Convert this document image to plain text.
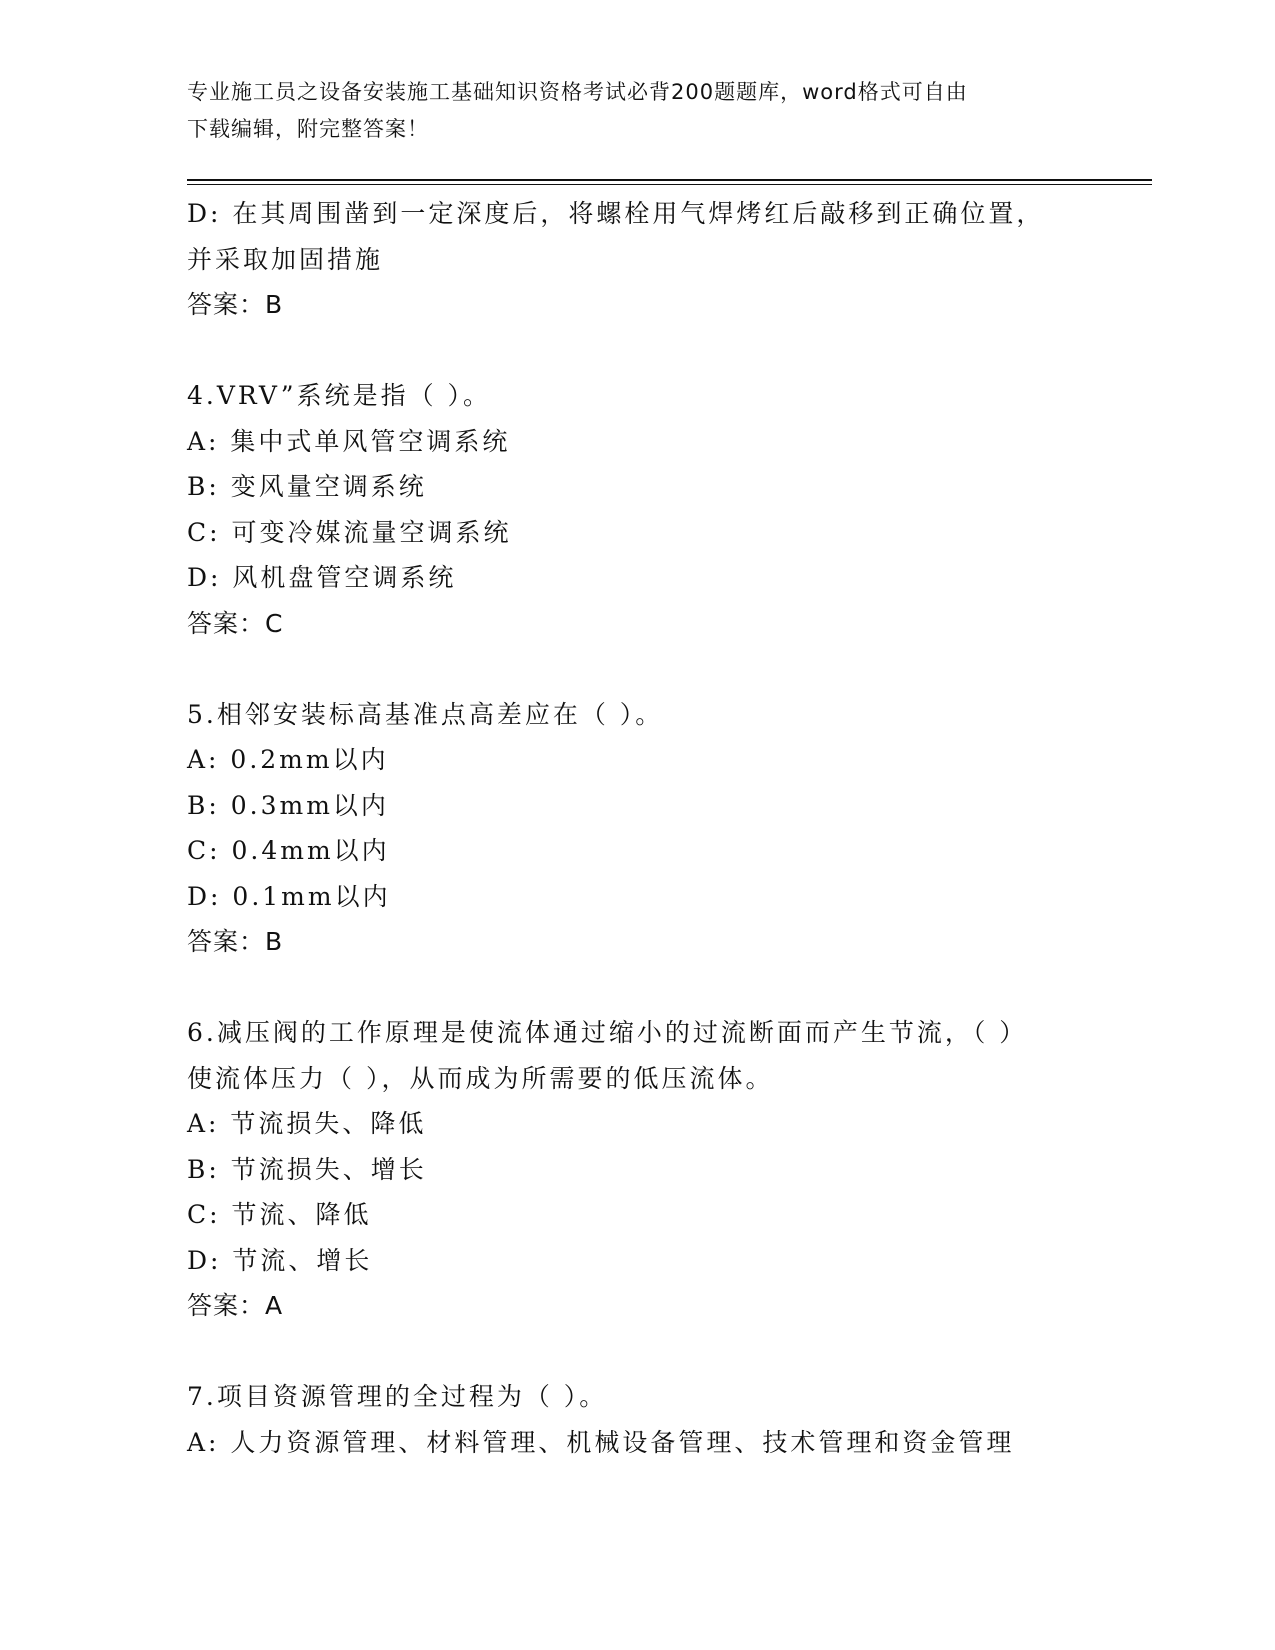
专业施工员之设备安装施工基础知识资格考试必背200题题库，word格式可自由
下载编辑，附完整答案！
D: 在其周围凿到一定深度后，将螺栓用气焊烤红后敲移到正确位置，
并采取加固措施
答案：B
4.VRV”系统是指（ ）。
A: 集中式单风管空调系统
B: 变风量空调系统
C: 可变冷媒流量空调系统
D: 风机盘管空调系统
答案：C
5.相邻安装标高基准点高差应在（ ）。
A: 0.2mm以内
B: 0.3mm以内
C: 0.4mm以内
D: 0.1mm以内
答案：B
6.减压阀的工作原理是使流体通过缩小的过流断面而产生节流，（ ）
使流体压力（ ），从而成为所需要的低压流体。
A: 节流损失、降低
B: 节流损失、增长
C: 节流、降低
D: 节流、增长
答案：A
7.项目资源管理的全过程为（ ）。
A: 人力资源管理、材料管理、机械设备管理、技术管理和资金管理
